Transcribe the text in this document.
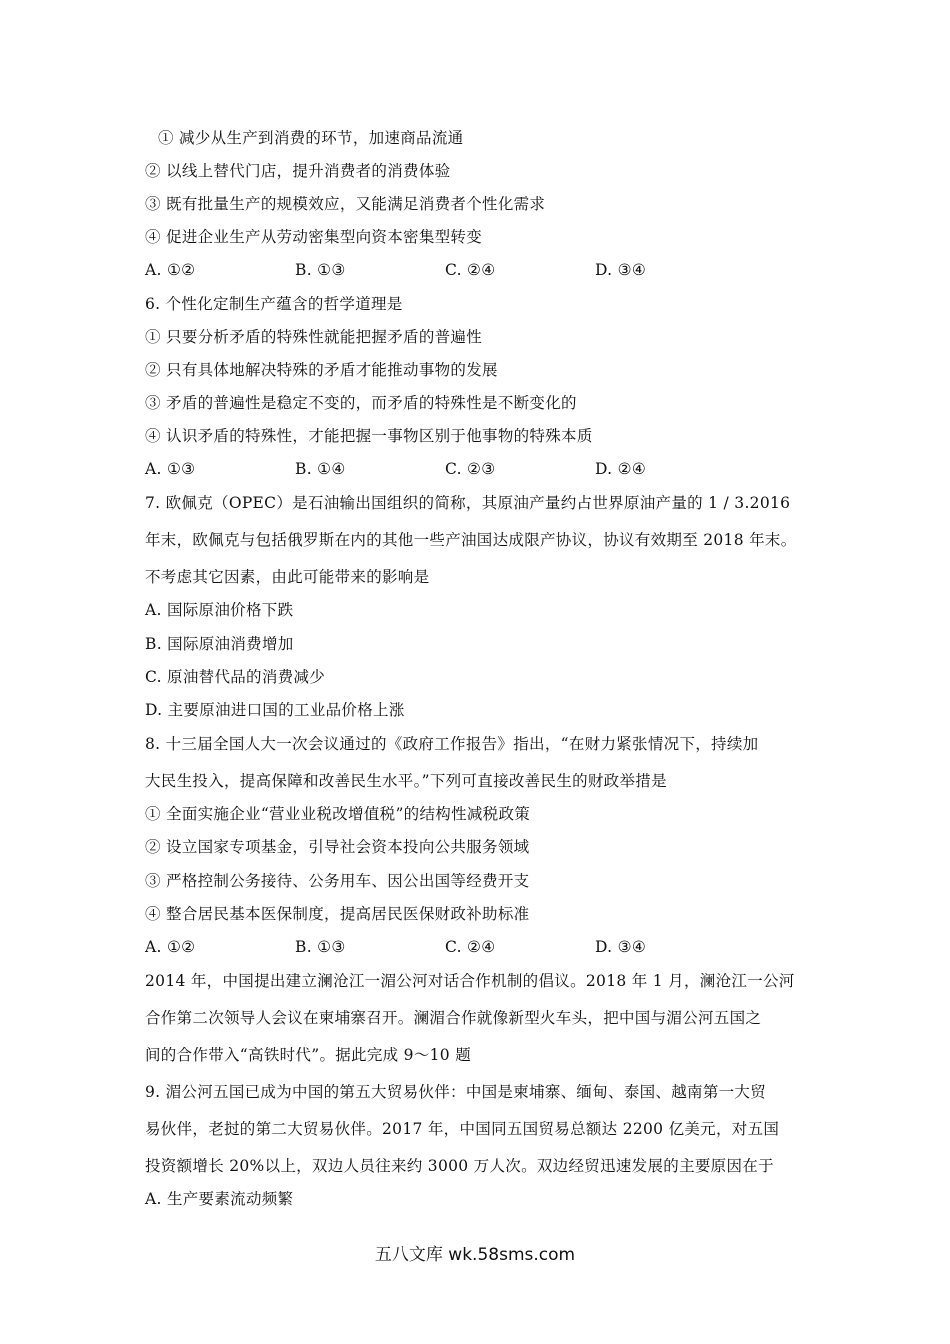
① 减少从生产到消费的环节，加速商品流通
② 以线上替代门店，提升消费者的消费体验
③ 既有批量生产的规模效应，又能满足消费者个性化需求
④ 促进企业生产从劳动密集型向资本密集型转变
A. ①②	B. ①③	C. ②④	D. ③④
6. 个性化定制生产蕴含的哲学道理是
① 只要分析矛盾的特殊性就能把握矛盾的普遍性
② 只有具体地解决特殊的矛盾才能推动事物的发展
③ 矛盾的普遍性是稳定不变的，而矛盾的特殊性是不断变化的
④ 认识矛盾的特殊性，才能把握一事物区别于他事物的特殊本质
A. ①③	B. ①④	C. ②③	D. ②④
7. 欧佩克（OPEC）是石油输出国组织的简称，其原油产量约占世界原油产量的 1 / 3.2016
年末，欧佩克与包括俄罗斯在内的其他一些产油国达成限产协议，协议有效期至 2018 年末。
不考虑其它因素，由此可能带来的影响是
A. 国际原油价格下跌
B. 国际原油消费增加
C. 原油替代品的消费减少
D. 主要原油进口国的工业品价格上涨
8. 十三届全国人大一次会议通过的《政府工作报告》指出，“在财力紧张情况下，持续加
大民生投入，提高保障和改善民生水平。”下列可直接改善民生的财政举措是
① 全面实施企业“营业业税改增值税”的结构性减税政策
② 设立国家专项基金，引导社会资本投向公共服务领域
③ 严格控制公务接待、公务用车、因公出国等经费开支
④ 整合居民基本医保制度，提高居民医保财政补助标准
A. ①②	B. ①③	C. ②④	D. ③④
2014 年，中国提出建立澜沧江一湄公河对话合作机制的倡议。2018 年 1 月，澜沧江一公河
合作第二次领导人会议在柬埔寨召开。澜湄合作就像新型火车头，把中国与湄公河五国之
间的合作带入“高铁时代”。据此完成 9～10 题
9. 湄公河五国已成为中国的第五大贸易伙伴：中国是柬埔寨、缅甸、泰国、越南第一大贸
易伙伴，老挝的第二大贸易伙伴。2017 年，中国同五国贸易总额达 2200 亿美元，对五国
投资额增长 20%以上，双边人员往来约 3000 万人次。双边经贸迅速发展的主要原因在于
A. 生产要素流动频繁
五八文库 wk.58sms.com
